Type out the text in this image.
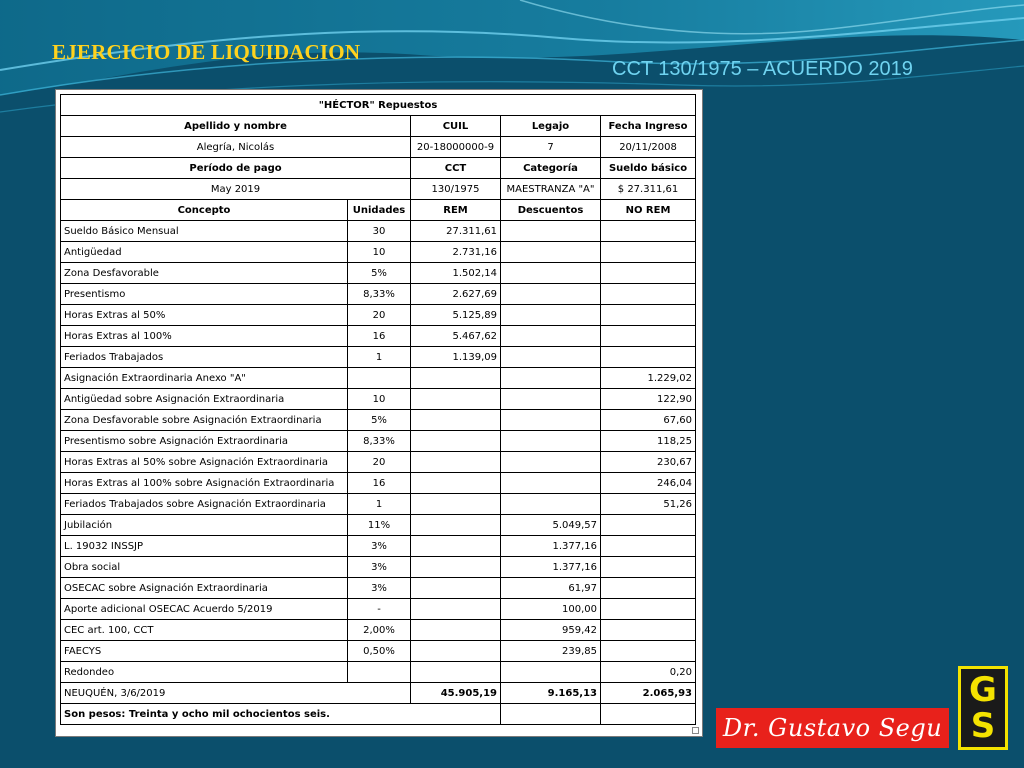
EJERCICIO DE LIQUIDACION
CCT 130/1975 – ACUERDO 2019
"HÉCTOR" Repuestos				
Apellido y nombre		CUIL	Legajo	Fecha Ingreso
Alegría, Nicolás		20-18000000-9	7	20/11/2008
Período de pago		CCT	Categoría	Sueldo básico
May 2019		130/1975	MAESTRANZA "A"	$ 27.311,61
Concepto	Unidades	REM	Descuentos	NO REM
Sueldo Básico Mensual	30	27.311,61		
Antigüedad	10	2.731,16		
Zona Desfavorable	5%	1.502,14		
Presentismo	8,33%	2.627,69		
Horas Extras al 50%	20	5.125,89		
Horas Extras al 100%	16	5.467,62		
Feriados Trabajados	1	1.139,09		
Asignación Extraordinaria Anexo "A"				1.229,02
Antigüedad sobre Asignación Extraordinaria	10			122,90
Zona Desfavorable sobre Asignación Extraordinaria	5%			67,60
Presentismo sobre Asignación Extraordinaria	8,33%			118,25
Horas Extras al 50% sobre Asignación Extraordinaria	20			230,67
Horas Extras al 100% sobre Asignación Extraordinaria	16			246,04
Feriados Trabajados sobre Asignación Extraordinaria	1			51,26
Jubilación	11%		5.049,57	
L. 19032 INSSJP	3%		1.377,16	
Obra social	3%		1.377,16	
OSECAC sobre Asignación Extraordinaria	3%		61,97	
Aporte adicional OSECAC Acuerdo 5/2019	-		100,00	
CEC art. 100, CCT	2,00%		959,42	
FAECYS	0,50%		239,85	
Redondeo				0,20
NEUQUÉN, 3/6/2019		45.905,19	9.165,13	2.065,93
Son pesos: Treinta y ocho mil ochocientos seis.					Dr. Gustavo Segu
G
S
